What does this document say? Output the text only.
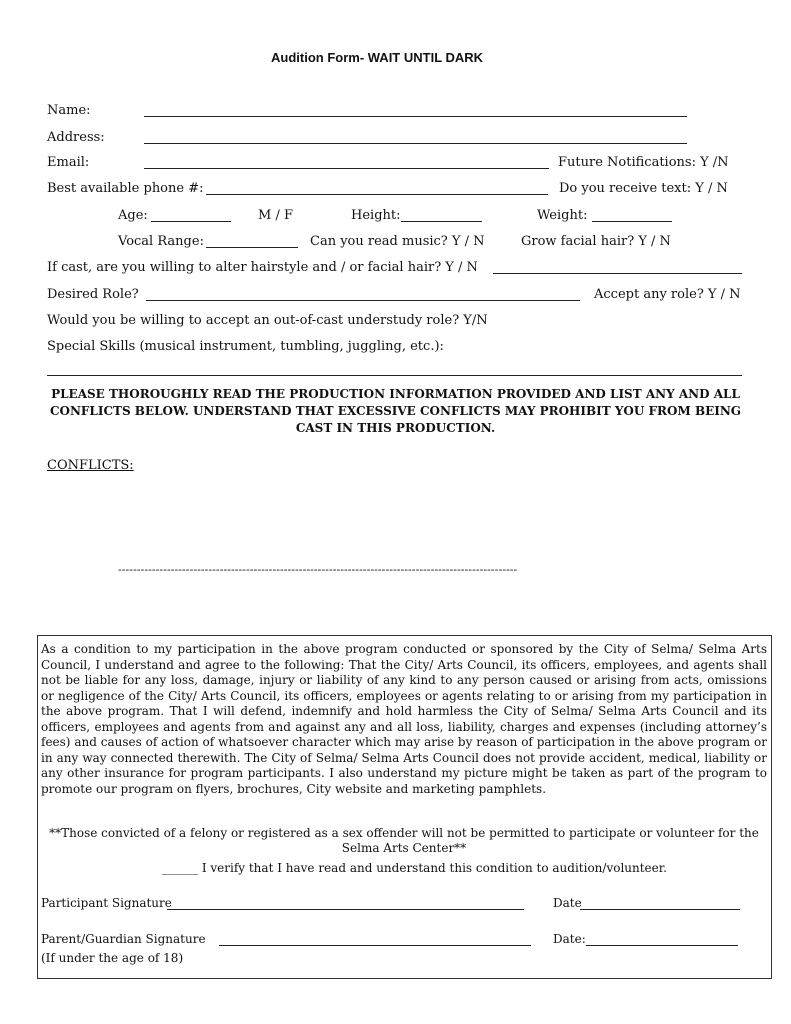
Audition Form- WAIT UNTIL DARK
Name:
Address:
Email:	Future Notifications: Y /N
Best available phone #:	Do you receive text: Y / N
Age:	M / F	Height:	Weight:
Vocal Range:	Can you read music? Y / N	Grow facial hair? Y / N
If cast, are you willing to alter hairstyle and / or facial hair? Y / N
Desired Role?	Accept any role? Y / N
Would you be willing to accept an out-of-cast understudy role? Y/N
Special Skills (musical instrument, tumbling, juggling, etc.):
PLEASE THOROUGHLY READ THE PRODUCTION INFORMATION PROVIDED AND LIST ANY AND ALL CONFLICTS BELOW. UNDERSTAND THAT EXCESSIVE CONFLICTS MAY PROHIBIT YOU FROM BEING CAST IN THIS PRODUCTION.
CONFLICTS:
----------------------------------------------------------------------------------------------------------
As a condition to my participation in the above program conducted or sponsored by the City of Selma/ Selma Arts Council, I understand and agree to the following: That the City/ Arts Council, its officers, employees, and agents shall not be liable for any loss, damage, injury or liability of any kind to any person caused or arising from acts, omissions or negligence of the City/ Arts Council, its officers, employees or agents relating to or arising from my participation in the above program. That I will defend, indemnify and hold harmless the City of Selma/ Selma Arts Council and its officers, employees and agents from and against any and all loss, liability, charges and expenses (including attorney’s fees) and causes of action of whatsoever character which may arise by reason of participation in the above program or in any way connected therewith. The City of Selma/ Selma Arts Council does not provide accident, medical, liability or any other insurance for program participants. I also understand my picture might be taken as part of the program to promote our program on flyers, brochures, City website and marketing pamphlets.
**Those convicted of a felony or registered as a sex offender will not be permitted to participate or volunteer for the Selma Arts Center**
______ I verify that I have read and understand this condition to audition/volunteer.
Participant Signature	Date
Parent/Guardian Signature	Date:
(If under the age of 18)
